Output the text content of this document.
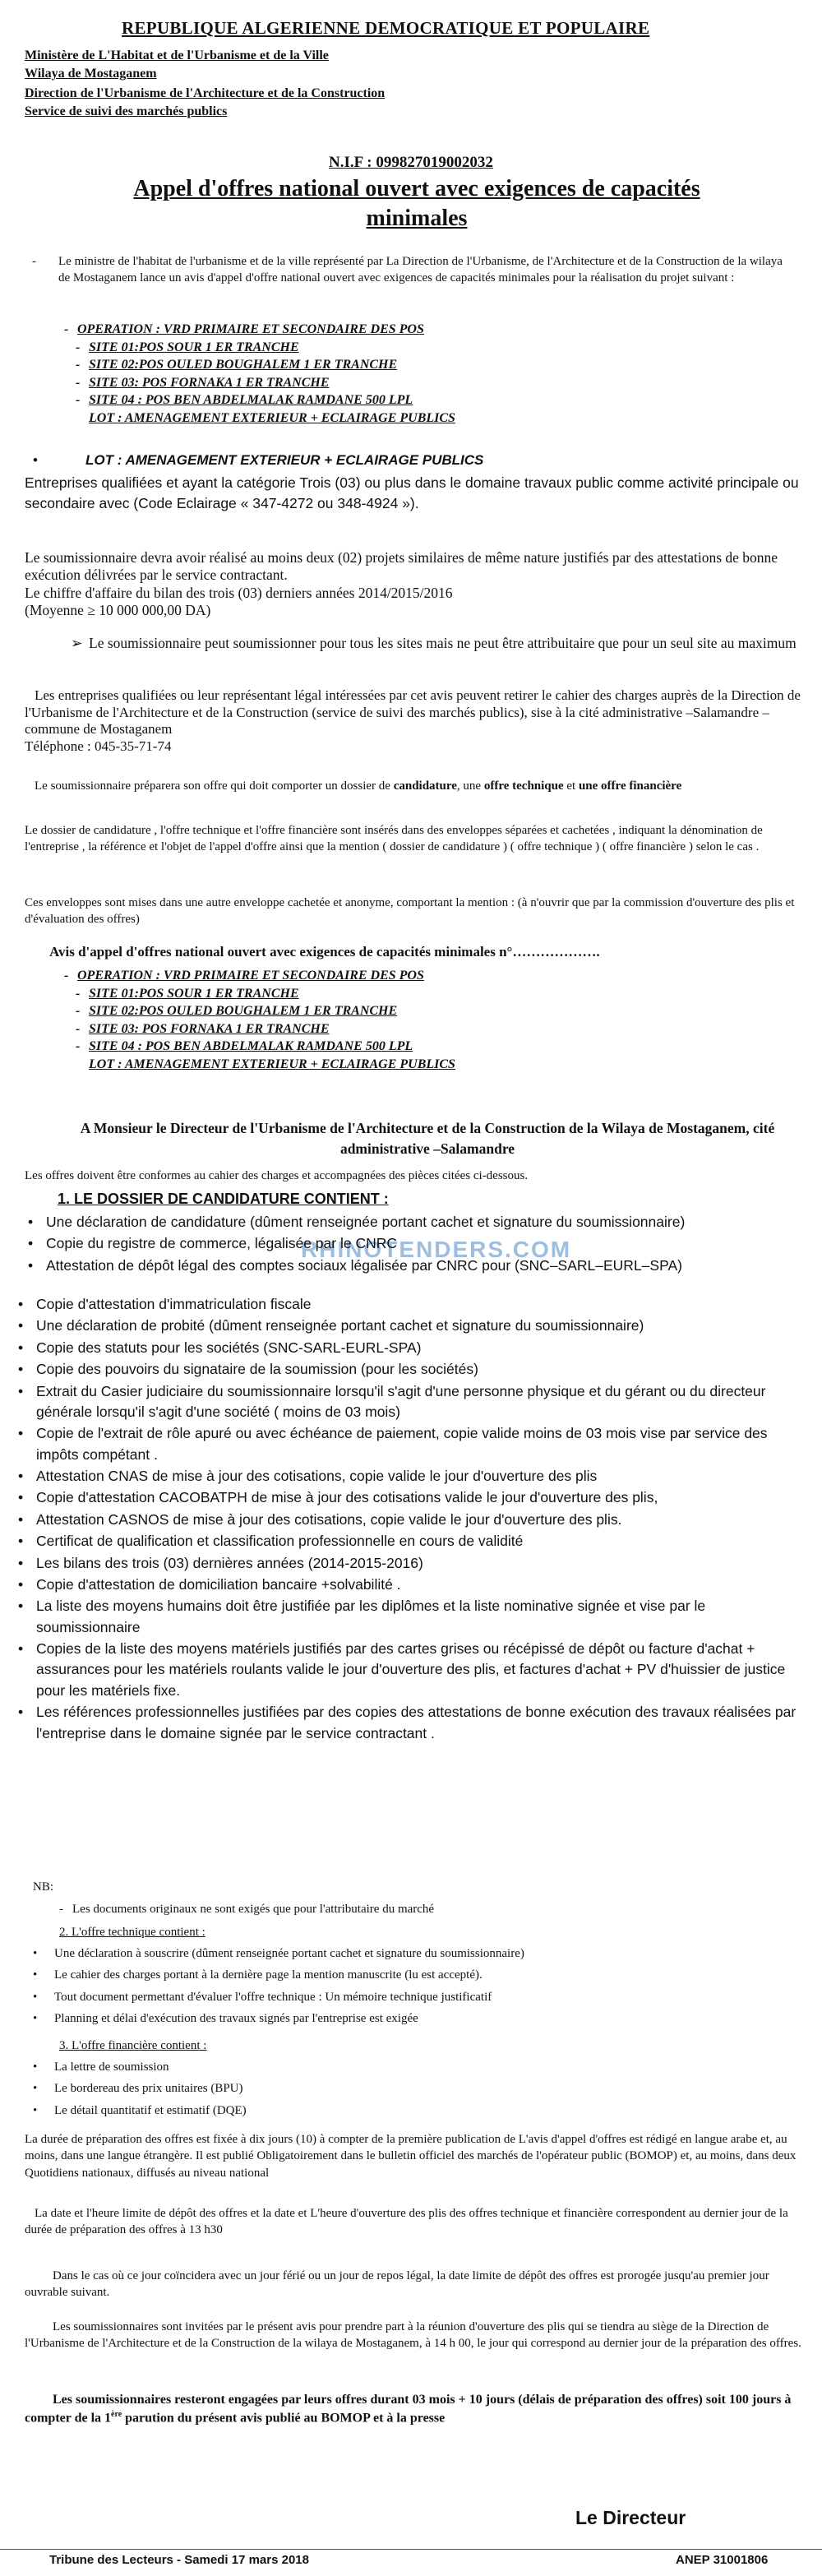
REPUBLIQUE ALGERIENNE DEMOCRATIQUE ET POPULAIRE
Ministère de L'Habitat et de l'Urbanisme et de la Ville
Wilaya de Mostaganem
Direction de l'Urbanisme de l'Architecture et de la Construction
Service de suivi des marchés publics
N.I.F : 09982701900203​2
Appel d'offres national ouvert avec exigences de capacités minimales

- Le ministre de l'habitat de l'urbanisme et de la ville représenté par La Direction de l'Urbanisme, de l'Architecture et de la Construction de la wilaya de Mostaganem lance un avis d'appel d'offre national ouvert avec exigences de capacités minimales pour la réalisation du projet suivant :

- OPERATION : VRD PRIMAIRE ET SECONDAIRE DES POS

- SITE 01:POS SOUR 1 ER TRANCHE

- SITE 02:POS OULED BOUGHALEM 1 ER TRANCHE

- SITE 03: POS FORNAKA 1 ER TRANCHE

- SITE 04 : POS BEN ABDELMALAK RAMDANE 500 LPL

LOT : AMENAGEMENT EXTERIEUR + ECLAIRAGE PUBLICS

•	LOT : AMENAGEMENT EXTERIEUR + ECLAIRAGE PUBLICS

Entreprises qualifiées et ayant la catégorie Trois (03) ou plus dans le domaine travaux public comme activité principale ou secondaire avec (Code Eclairage « 347-4272 ou 348-4924 »).

Le soumissionnaire devra avoir réalisé au moins deux (02) projets similaires de même nature justifiés par des attestations de bonne exécution délivrées par le service contractant.

Le chiffre d'affaire du bilan des trois (03) derniers années 2014/2015/2016

(Moyenne ≥ 10 000 000,00 DA)

➢ Le soumissionnaire peut soumissionner pour tous les sites mais ne peut être attribuitaire que pour un seul site au maximum

Les entreprises qualifiées ou leur représentant légal intéressées par cet avis peuvent retirer le cahier des charges auprès de la Direction de l'Urbanisme de l'Architecture et de la Construction (service de suivi des marchés publics), sise à la cité administrative –Salamandre –commune de Mostaganem

Téléphone : 045-35-71-74

Le soumissionnaire préparera son offre qui doit comporter un dossier de candidature, une offre technique et une offre financière

Le dossier de candidature , l'offre technique et l'offre financière sont insérés dans des enveloppes séparées et cachetées , indiquant la dénomination de l'entreprise , la référence et l'objet de l'appel d'offre ainsi que la mention ( dossier de candidature ) ( offre technique ) ( offre financière ) selon le cas .
Ces enveloppes sont mises dans une autre enveloppe cachetée et anonyme, comportant la mention : (à n'ouvrir que par la commission d'ouverture des plis et d'évaluation des offres)
Avis d'appel d'offres national ouvert avec exigences de capacités minimales n°……………….

- OPERATION : VRD PRIMAIRE ET SECONDAIRE DES POS

- SITE 01:POS SOUR 1 ER TRANCHE

- SITE 02:POS OULED BOUGHALEM 1 ER TRANCHE

- SITE 03: POS FORNAKA 1 ER TRANCHE

- SITE 04 : POS BEN ABDELMALAK RAMDANE 500 LPL

LOT : AMENAGEMENT EXTERIEUR + ECLAIRAGE PUBLICS

A Monsieur le Directeur de l'Urbanisme de l'Architecture et de la Construction de la Wilaya de Mostaganem, cité administrative –Salamandre
Les offres doivent être conformes au cahier des charges et accompagnées des pièces citées ci-dessous.
1. LE DOSSIER DE CANDIDATURE CONTIENT :
RHINOTENDERS.COM

• Une déclaration de candidature (dûment renseignée portant cachet et signature du soumissionnaire)

• Copie du registre de commerce, légalisée par le CNRC

• Attestation de dépôt légal des comptes sociaux légalisée par CNRC pour (SNC–SARL–EURL–SPA)

• Copie d'attestation d'immatriculation fiscale

• Une déclaration de probité (dûment renseignée portant cachet et signature du soumissionnaire)

• Copie des statuts pour les sociétés (SNC-SARL-EURL-SPA)

• Copie des pouvoirs du signataire de la soumission (pour les sociétés)

• Extrait du Casier judiciaire du soumissionnaire lorsqu'il s'agit d'une personne physique et du gérant ou du directeur générale lorsqu'il s'agit d'une société ( moins de 03 mois)

• Copie de l'extrait de rôle apuré ou avec échéance de paiement, copie valide moins de 03 mois vise par service des impôts compétant .

• Attestation CNAS de mise à jour des cotisations, copie valide le jour d'ouverture des plis

• Copie d'attestation CACOBATPH de mise à jour des cotisations valide le jour d'ouverture des plis,

• Attestation CASNOS de mise à jour des cotisations, copie valide le jour d'ouverture des plis.

• Certificat de qualification et classification professionnelle en cours de validité

• Les bilans des trois (03) dernières années (2014-2015-2016)

• Copie d'attestation de domiciliation bancaire +solvabilité .

• La liste des moyens humains doit être justifiée par les diplômes et la liste nominative signée et vise par le soumissionnaire

• Copies de la liste des moyens matériels justifiés par des cartes grises ou récépissé de dépôt ou facture d'achat + assurances pour les matériels roulants valide le jour d'ouverture des plis, et factures d'achat + PV d'huissier de justice pour les matériels fixe.

• Les références professionnelles justifiées par des copies des attestations de bonne exécution des travaux réalisées par l'entreprise dans le domaine signée par le service contractant .

NB:

- Les documents originaux ne sont exigés que pour l'attributaire du marché

2. L'offre technique contient :

• Une déclaration à souscrire (dûment renseignée portant cachet et signature du soumissionnaire)

• Le cahier des charges portant à la dernière page la mention manuscrite (lu est accepté).

• Tout document permettant d'évaluer l'offre technique : Un mémoire technique justificatif

• Planning et délai d'exécution des travaux signés par l'entreprise est exigée

3. L'offre financière contient :

• La lettre de soumission

• Le bordereau des prix unitaires (BPU)

• Le détail quantitatif et estimatif (DQE)

La durée de préparation des offres est fixée à dix jours (10) à compter de la première publication de L'avis d'appel d'offres est rédigé en langue arabe et, au moins, dans une langue étrangère. Il est publié Obligatoirement dans le bulletin officiel des marchés de l'opérateur public (BOMOP) et, au moins, dans deux Quotidiens nationaux, diffusés au niveau national

La date et l'heure limite de dépôt des offres et la date et L'heure d'ouverture des plis des offres technique et financière correspondent au dernier jour de la durée de préparation des offres à 13 h30

Dans le cas où ce jour coïncidera avec un jour férié ou un jour de repos légal, la date limite de dépôt des offres est prorogée jusqu'au premier jour ouvrable suivant.

Les soumissionnaires sont invitées par le présent avis pour prendre part à la réunion d'ouverture des plis qui se tiendra au siège de la Direction de l'Urbanisme de l'Architecture et de la Construction de la wilaya de Mostaganem, à 14 h 00, le jour qui correspond au dernier jour de la préparation des offres.

Les soumissionnaires resteront engagées par leurs offres durant 03 mois + 10 jours (délais de préparation des offres) soit 100 jours à compter de la 1ère parution du présent avis publié au BOMOP et à la presse

Le Directeur
Tribune des Lecteurs - Samedi 17 mars 2018	ANEP 31001806
